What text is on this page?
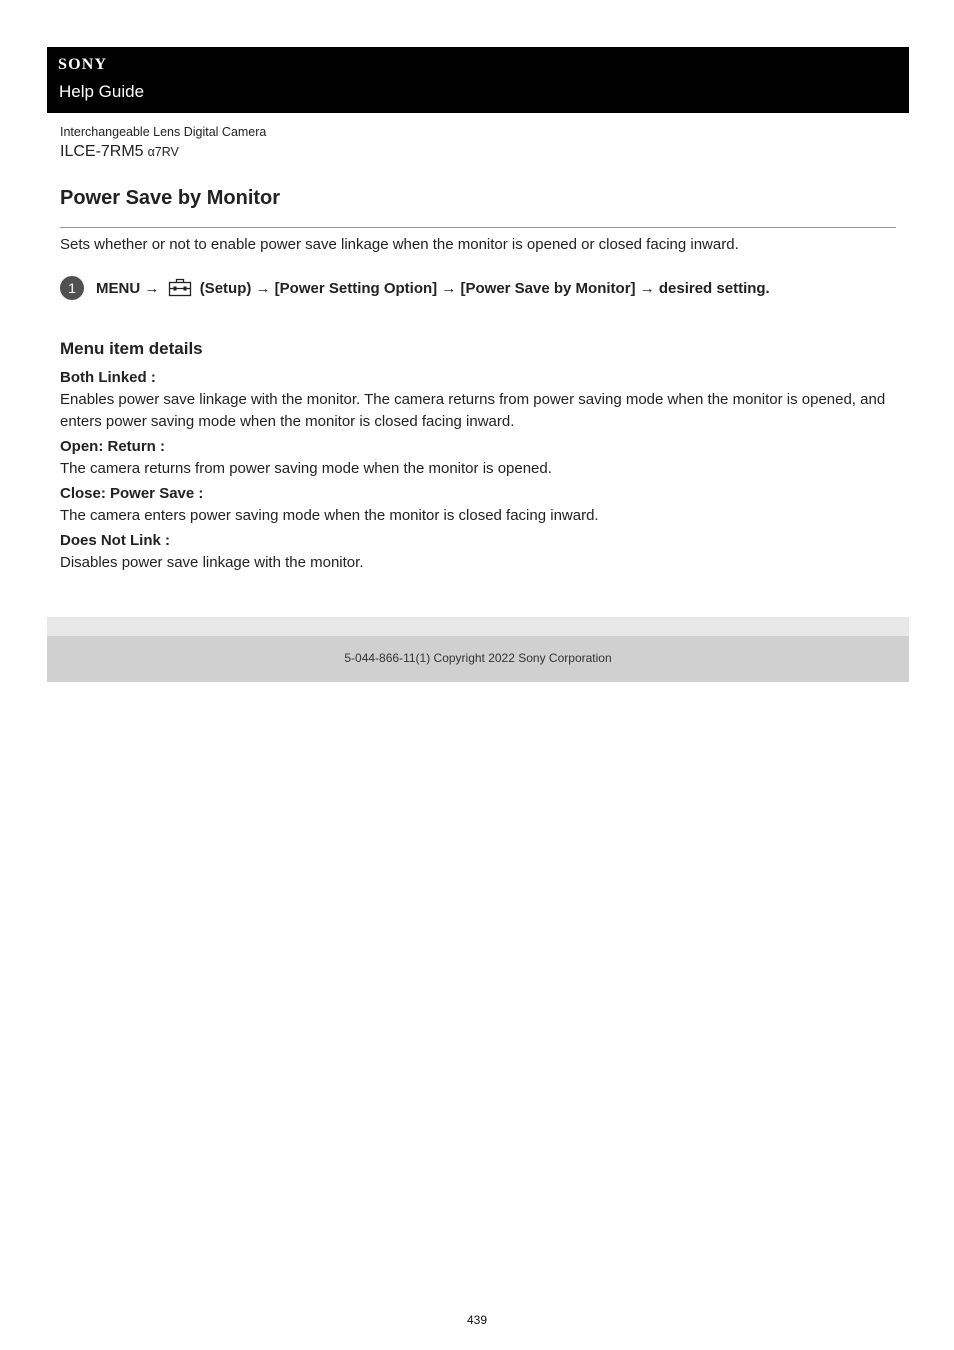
SONY
Help Guide
Interchangeable Lens Digital Camera
ILCE-7RM5 α7RV
Power Save by Monitor
Sets whether or not to enable power save linkage when the monitor is opened or closed facing inward.
1	MENU →	(Setup) → [Power Setting Option] → [Power Save by Monitor] → desired setting.
Menu item details
Both Linked :
Enables power save linkage with the monitor. The camera returns from power saving mode when the monitor is opened, and enters power saving mode when the monitor is closed facing inward.
Open: Return :
The camera returns from power saving mode when the monitor is opened.
Close: Power Save :
The camera enters power saving mode when the monitor is closed facing inward.
Does Not Link :
Disables power save linkage with the monitor.
5-044-866-11(1) Copyright 2022 Sony Corporation
439
